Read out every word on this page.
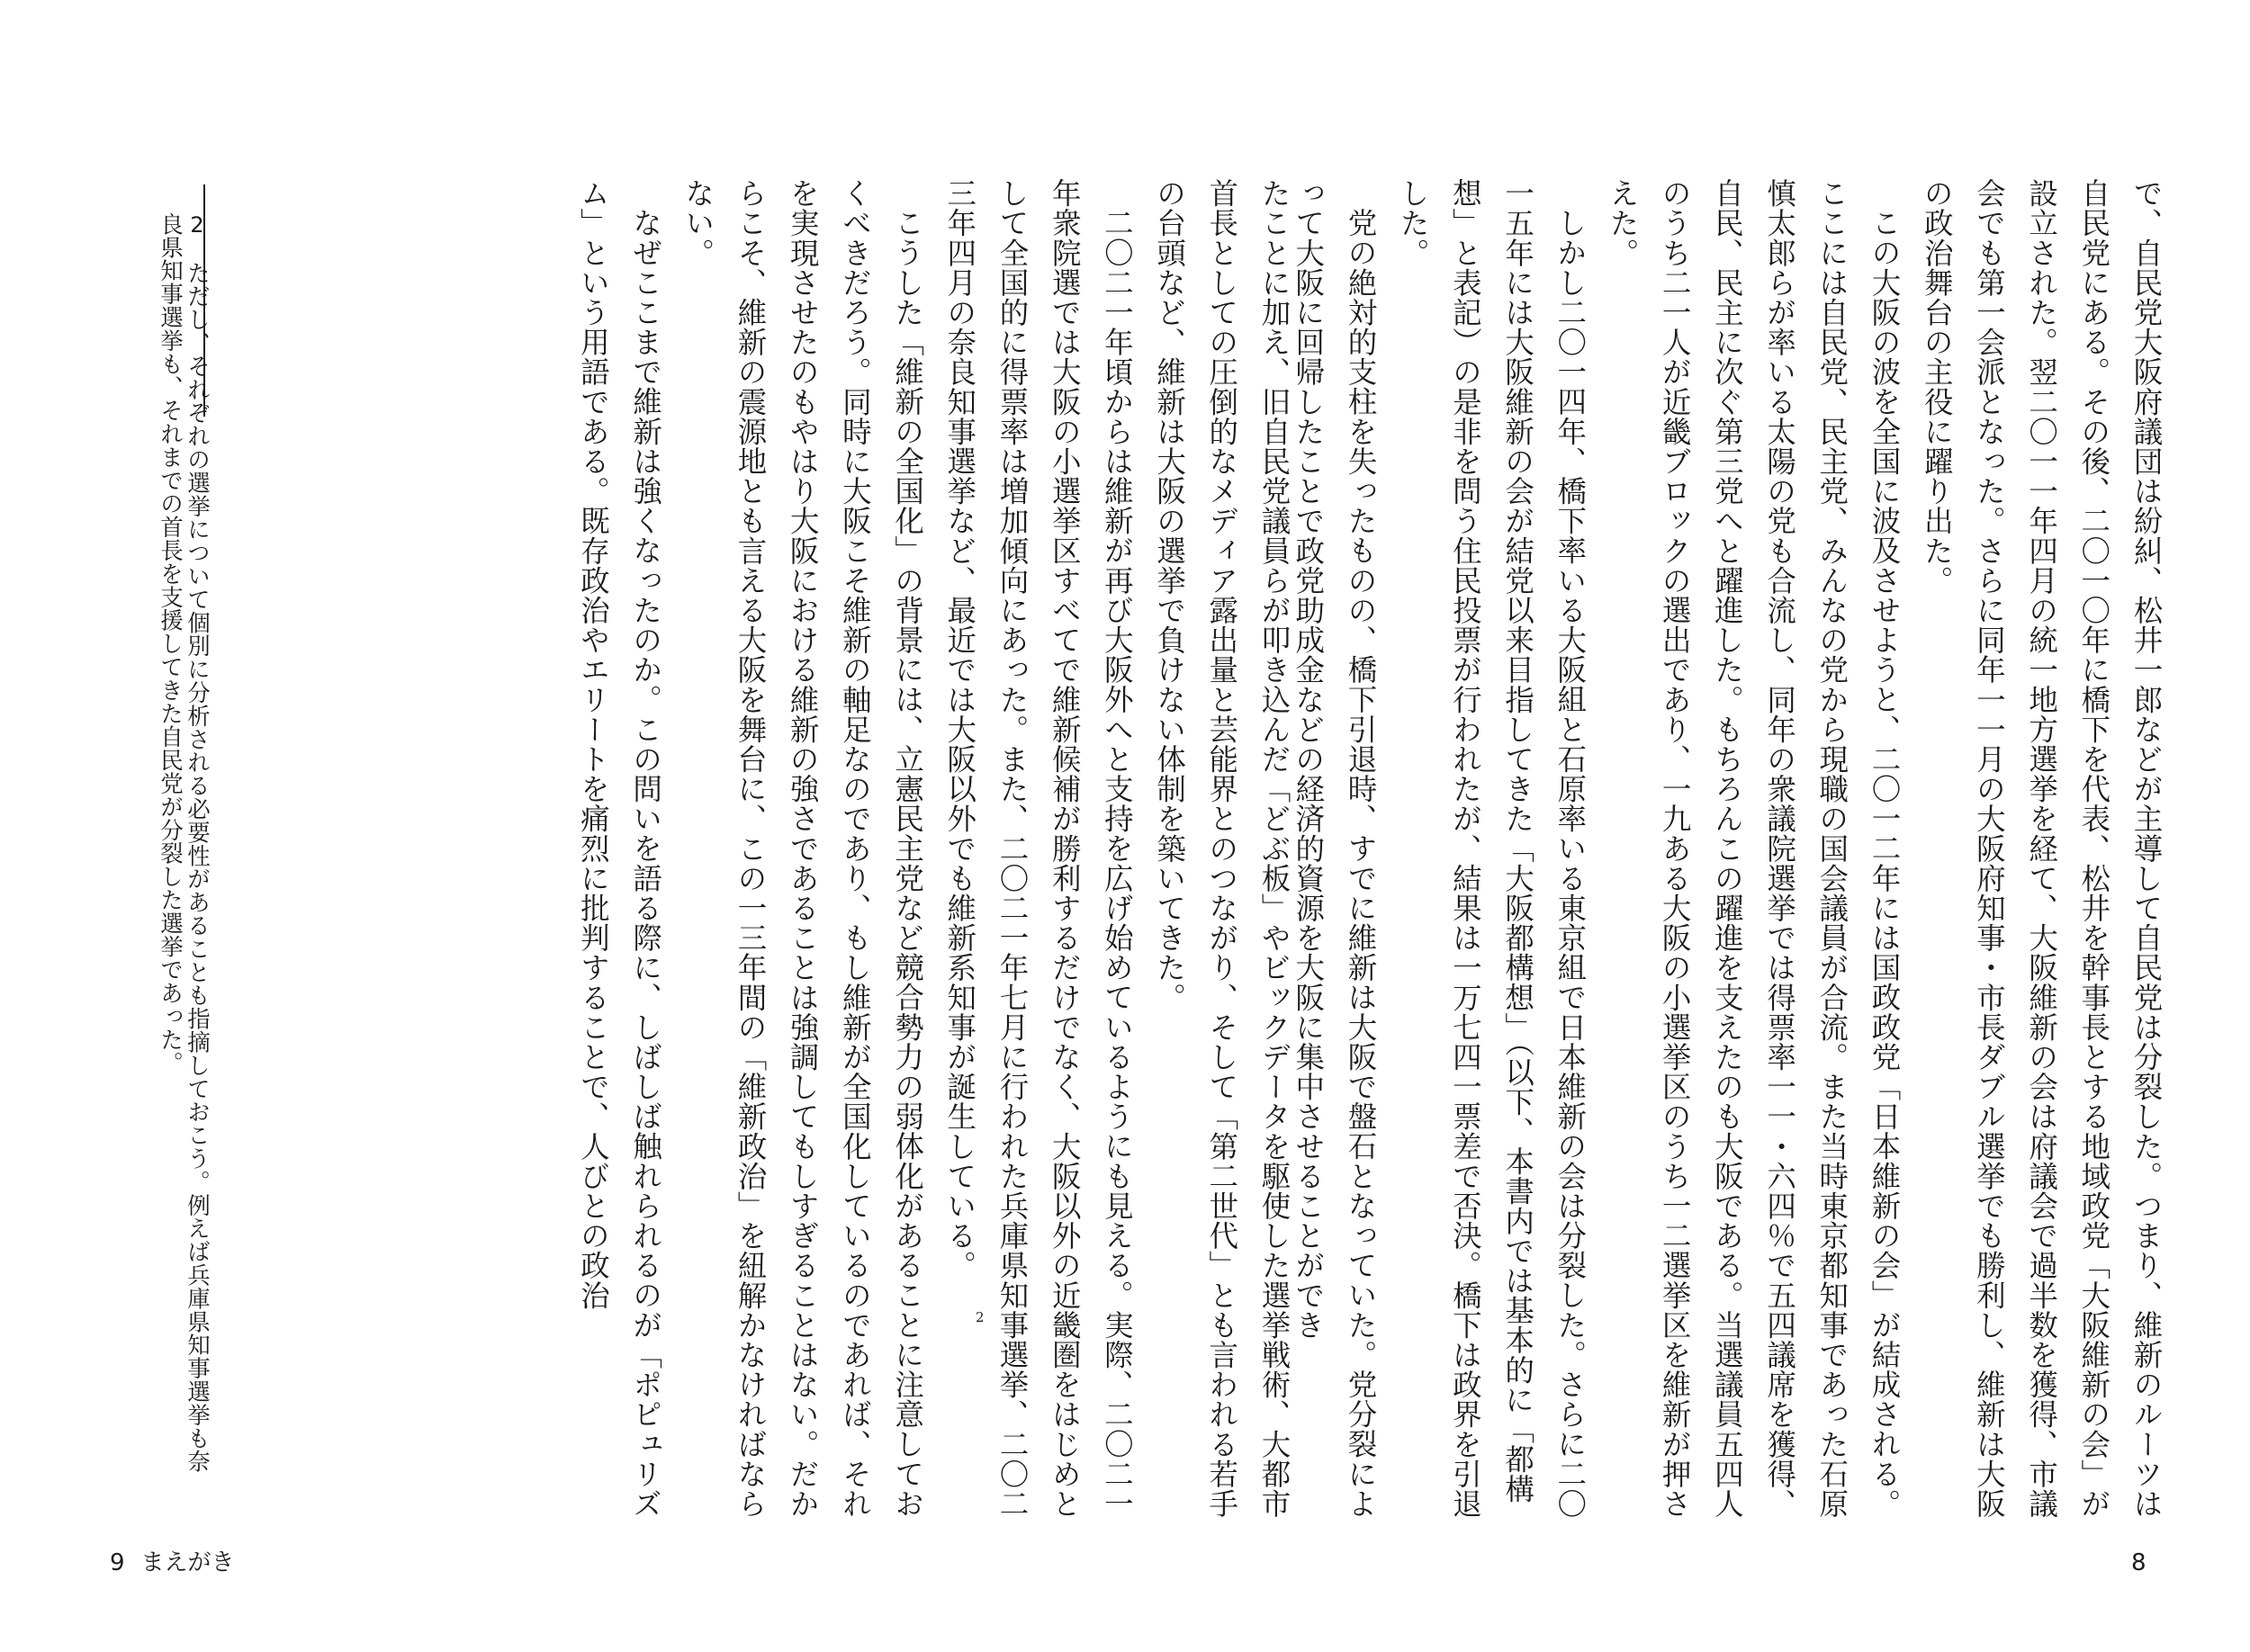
で、自民党大阪府議団は紛糾、松井一郎などが主導して自民党は分裂した。つまり、維新のルーツは自民党にある。その後、二〇一〇年に橋下を代表、松井を幹事長とする地域政党「大阪維新の会」が設立された。翌二〇一一年四月の統一地方選挙を経て、大阪維新の会は府議会で過半数を獲得、市議会でも第一会派となった。さらに同年一一月の大阪府知事・市長ダブル選挙でも勝利し、維新は大阪の政治舞台の主役に躍り出た。

この大阪の波を全国に波及させようと、二〇一二年には国政政党「日本維新の会」が結成される。ここには自民党、民主党、みんなの党から現職の国会議員が合流。また当時東京都知事であった石原慎太郎らが率いる太陽の党も合流し、同年の衆議院選挙では得票率一一・六四％で五四議席を獲得、自民、民主に次ぐ第三党へと躍進した。もちろんこの躍進を支えたのも大阪である。当選議員五四人のうち二一人が近畿ブロックの選出であり、一九ある大阪の小選挙区のうち一二選挙区を維新が押さえた。

しかし二〇一四年、橋下率いる大阪組と石原率いる東京組で日本維新の会は分裂した。さらに二〇一五年には大阪維新の会が結党以来目指してきた「大阪都構想」（以下、本書内では基本的に「都構想」と表記）の是非を問う住民投票が行われたが、結果は一万七四一票差で否決。橋下は政界を引退した。

党の絶対的支柱を失ったものの、橋下引退時、すでに維新は大阪で盤石となっていた。党分裂によって大阪に回帰したことで政党助成金などの経済的資源を大阪に集中させることができ

たことに加え、旧自民党議員らが叩き込んだ「どぶ板」やビックデータを駆使した選挙戦術、大都市首長としての圧倒的なメディア露出量と芸能界とのつながり、そして「第二世代」とも言われる若手の台頭など、維新は大阪の選挙で負けない体制を築いてきた。

二〇二一年頃からは維新が再び大阪外へと支持を広げ始めているようにも見える。実際、二〇二一年衆院選では大阪の小選挙区すべてで維新候補が勝利するだけでなく、大阪以外の近畿圏をはじめとして全国的に得票率は増加傾向にあった。また、二〇二一年七月に行われた兵庫県知事選挙、二〇二三年四月の奈良知事選挙など、最近では大阪以外でも維新系知事が誕生している。2

こうした「維新の全国化」の背景には、立憲民主党など競合勢力の弱体化があることに注意しておくべきだろう。同時に大阪こそ維新の軸足なのであり、もし維新が全国化しているのであれば、それを実現させたのもやはり大阪における維新の強さであることは強調してもしすぎることはない。だからこそ、維新の震源地とも言える大阪を舞台に、この一三年間の「維新政治」を紐解かなければならない。

なぜここまで維新は強くなったのか。この問いを語る際に、しばしば触れられるのが「ポピュリズム」という用語である。既存政治やエリートを痛烈に批判することで、人びとの政治

2　ただし、それぞれの選挙について個別に分析される必要性があることも指摘しておこう。例えば兵庫県知事選挙も奈良県知事選挙も、それまでの首長を支援してきた自民党が分裂した選挙であった。
9 まえがき	8
